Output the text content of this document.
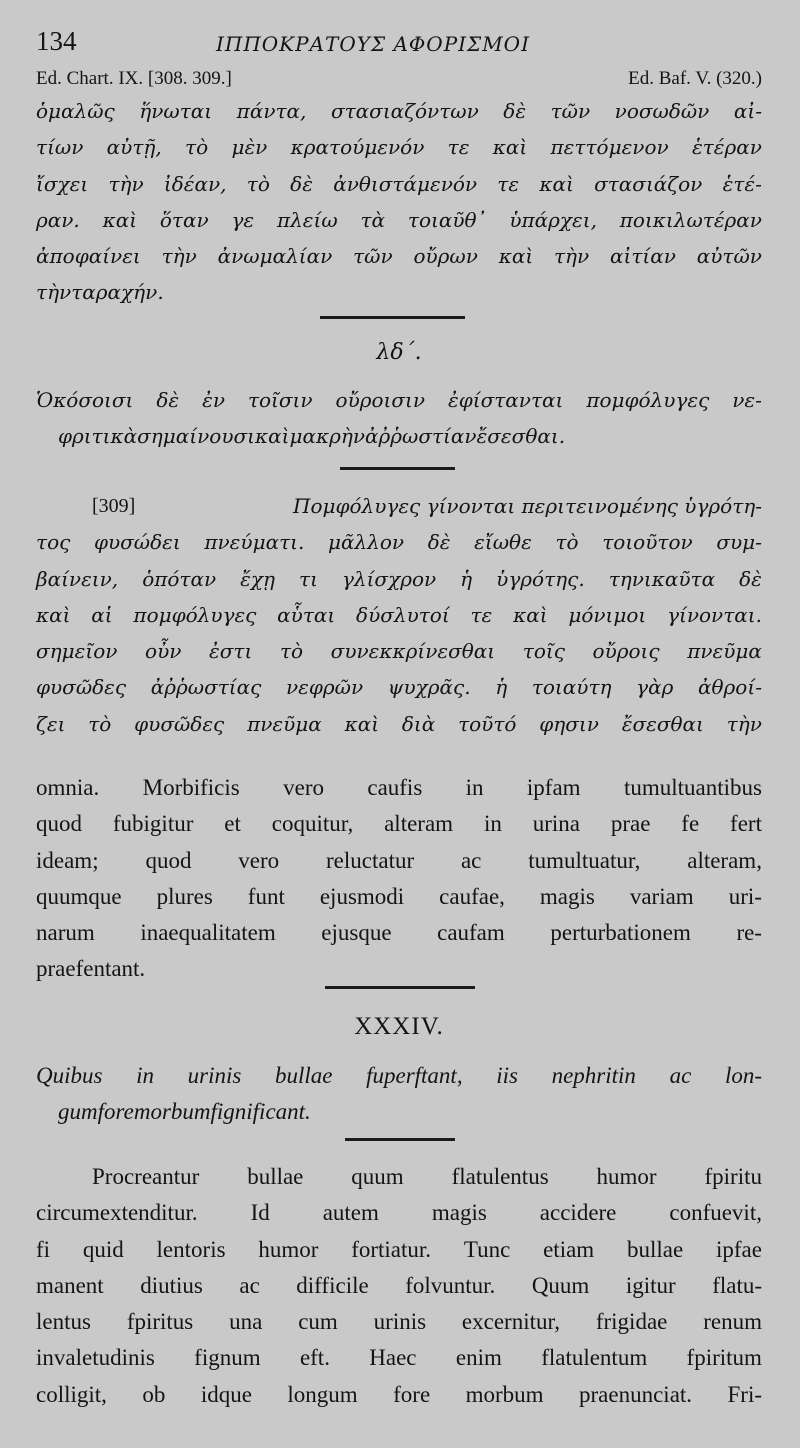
134	ΙΠΠΟΚΡΑΤΟΥΣ ΑΦΟΡΙΣΜΟΙ
Ed. Chart. IX. [308. 309.]	Ed. Baf. V. (320.)
ὁμαλῶς ἥνωται πάντα, στασιαζόντων δὲ τῶν νοσωδῶν αἰ-
τίων αὐτῇ, τὸ μὲν κρατούμενόν τε καὶ πεττόμενον ἑτέραν
ἴσχει τὴν ἰδέαν, τὸ δὲ ἀνθιστάμενόν τε καὶ στασιάζον ἑτέ-
ραν. καὶ ὅταν γε πλείω τὰ τοιαῦθ᾽ ὑπάρχει, ποικιλωτέραν
ἀποφαίνει τὴν ἀνωμαλίαν τῶν οὔρων καὶ τὴν αἰτίαν αὐτῶν
τὴν ταραχήν.
λδ΄.
Ὁκόσοισι δὲ ἐν τοῖσιν οὔροισιν ἐφίστανται πομφόλυγες νε-
φριτικὰ σημαίνουσι καὶ μακρὴν ἀῤῥωστίαν ἔσεσθαι.
[309]	Πομφόλυγες γίνονται περιτεινομένης ὑγρότη-
τος φυσώδει πνεύματι. μᾶλλον δὲ εἴωθε τὸ τοιοῦτον συμ-
βαίνειν, ὁπόταν ἔχῃ τι γλίσχρον ἡ ὑγρότης. τηνικαῦτα δὲ
καὶ αἱ πομφόλυγες αὗται δύσλυτοί τε καὶ μόνιμοι γίνονται.
σημεῖον οὖν ἐστι τὸ συνεκκρίνεσθαι τοῖς οὔροις πνεῦμα
φυσῶδες ἀῤῥωστίας νεφρῶν ψυχρᾶς. ἡ τοιαύτη γὰρ ἀθροί-
ζει τὸ φυσῶδες πνεῦμα καὶ διὰ τοῦτό φησιν ἔσεσθαι τὴν
omnia. Morbificis vero caufis in ipfam tumultuantibus
quod fubigitur et coquitur, alteram in urina prae fe fert
ideam; quod vero reluctatur ac tumultuatur, alteram,
quumque plures funt ejusmodi caufae, magis variam uri-
narum inaequalitatem ejusque caufam perturbationem re-
praefentant.
XXXIV.
Quibus in urinis bullae fuperftant, iis nephritin ac lon-
gum fore morbum fignificant.
Procreantur bullae quum flatulentus humor fpiritu
circumextenditur. Id autem magis accidere confuevit,
fi quid lentoris humor fortiatur. Tunc etiam bullae ipfae
manent diutius ac difficile folvuntur. Quum igitur flatu-
lentus fpiritus una cum urinis excernitur, frigidae renum
invaletudinis fignum eft. Haec enim flatulentum fpiritum
colligit, ob idque longum fore morbum praenunciat. Fri-
